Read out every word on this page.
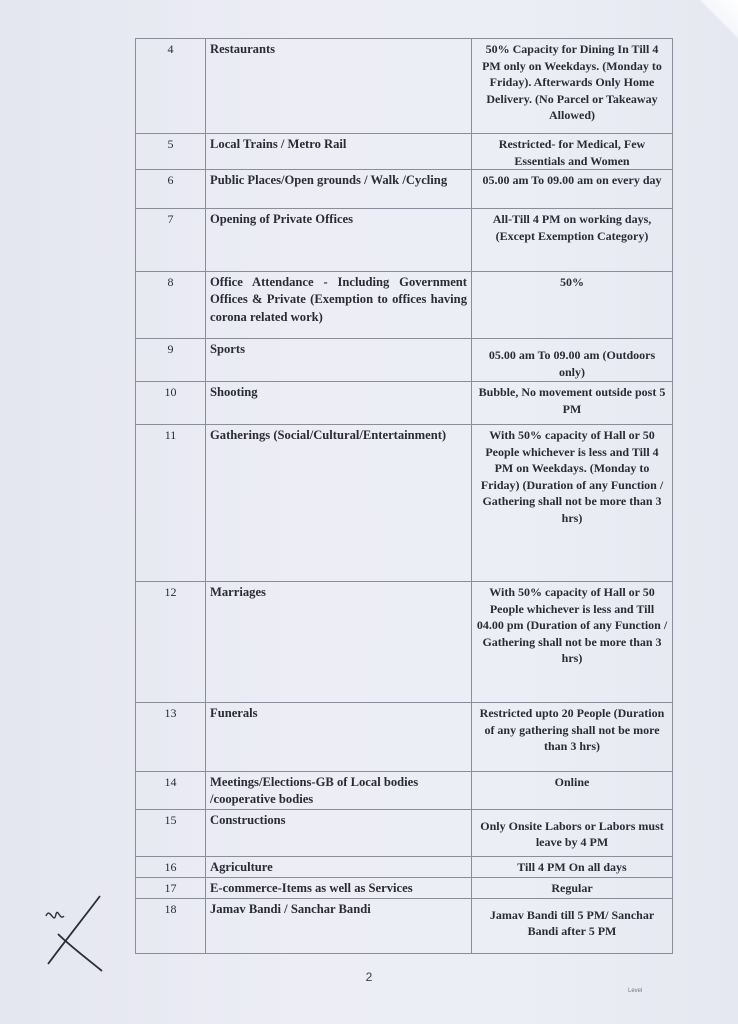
4	Restaurants	50% Capacity for Dining In Till 4 PM only on Weekdays. (Monday to Friday). Afterwards Only Home Delivery. (No Parcel or Takeaway Allowed)
5	Local Trains / Metro Rail	Restricted- for Medical, Few Essentials and Women
6	Public Places/Open grounds / Walk /Cycling	05.00 am To 09.00 am on every day
7	Opening of Private Offices	All-Till 4 PM on working days, (Except Exemption Category)
8	Office Attendance - Including Government Offices & Private (Exemption to offices having corona related work)	50%
9	Sports	05.00 am To 09.00 am (Outdoors only)
10	Shooting	Bubble, No movement outside post 5 PM
11	Gatherings (Social/Cultural/Entertainment)	With 50% capacity of Hall or 50 People whichever is less and Till 4 PM on Weekdays. (Monday to Friday) (Duration of any Function / Gathering shall not be more than 3 hrs)
12	Marriages	With 50% capacity of Hall or 50 People whichever is less and Till 04.00 pm (Duration of any Function / Gathering shall not be more than 3 hrs)
13	Funerals	Restricted upto 20 People (Duration of any gathering shall not be more than 3 hrs)
14	Meetings/Elections-GB of Local bodies /cooperative bodies	Online
15	Constructions	Only Onsite Labors or Labors must leave by 4 PM
16	Agriculture	Till 4 PM On all days
17	E-commerce-Items as well as Services	Regular
18	Jamav Bandi / Sanchar Bandi	Jamav Bandi till 5 PM/ Sanchar Bandi after 5 PM
2
Level
